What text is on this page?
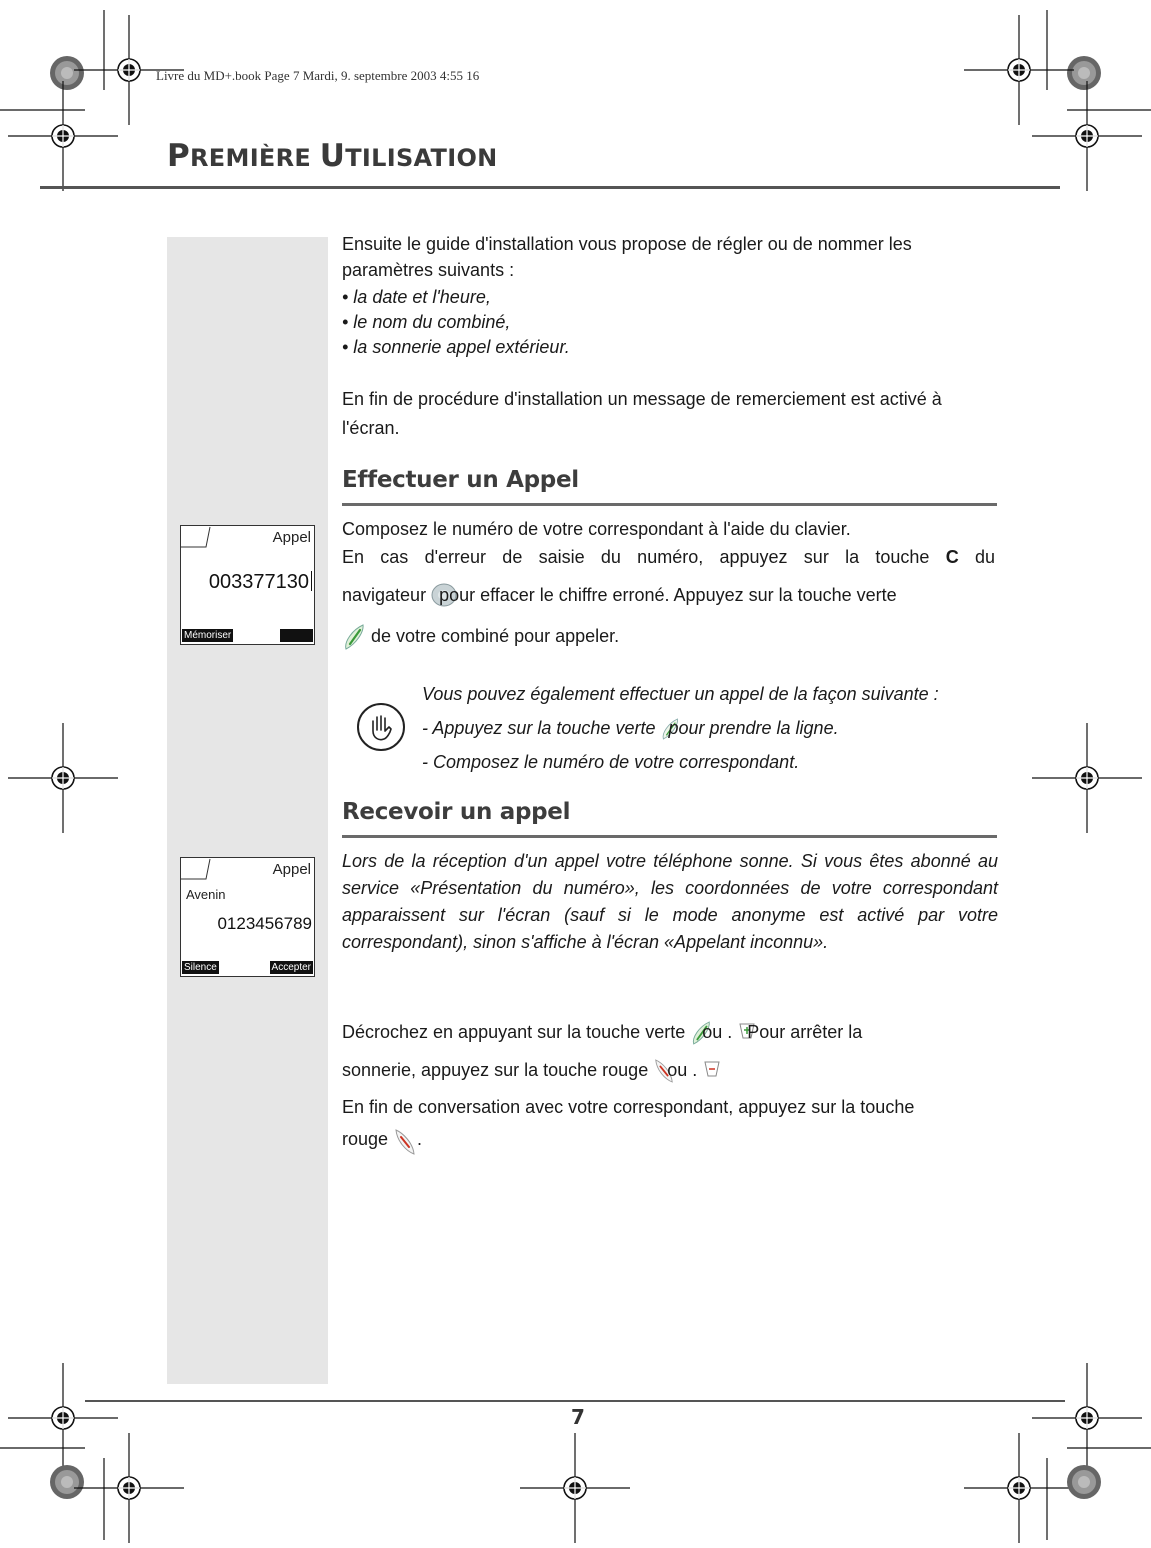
Livre du MD+.book Page 7 Mardi, 9. septembre 2003 4:55 16
PREMIÈRE UTILISATION
Appel
003377130
Mémoriser
Appel
Avenin
0123456789
Silence	Accepter
Ensuite le guide d'installation vous propose de régler ou de nommer les paramètres suivants :
• la date et l'heure,
• le nom du combiné,
• la sonnerie appel extérieur.
En fin de procédure d'installation un message de remerciement est activé à l'écran.
Effectuer un Appel
Composez le numéro de votre correspondant à l'aide du clavier.
En cas d'erreur de saisie du numéro, appuyez sur la touche C du
navigateur pour effacer le chiffre erroné. Appuyez sur la touche verte
de votre combiné pour appeler.
Vous pouvez également effectuer un appel de la façon suivante :
- Appuyez sur la touche verte pour prendre la ligne.
- Composez le numéro de votre correspondant.
Recevoir un appel
Lors de la réception d'un appel votre téléphone sonne. Si vous êtes abonné au service «Présentation du numéro», les coordonnées de votre correspondant apparaissent sur l'écran (sauf si le mode anonyme est activé par votre correspondant), sinon s'affiche à l'écran «Appelant inconnu».
Décrochez en appuyant sur la touche verte ou . Pour arrêter la
sonnerie, appuyez sur la touche rouge ou .
En fin de conversation avec votre correspondant, appuyez sur la touche
rouge .
7
